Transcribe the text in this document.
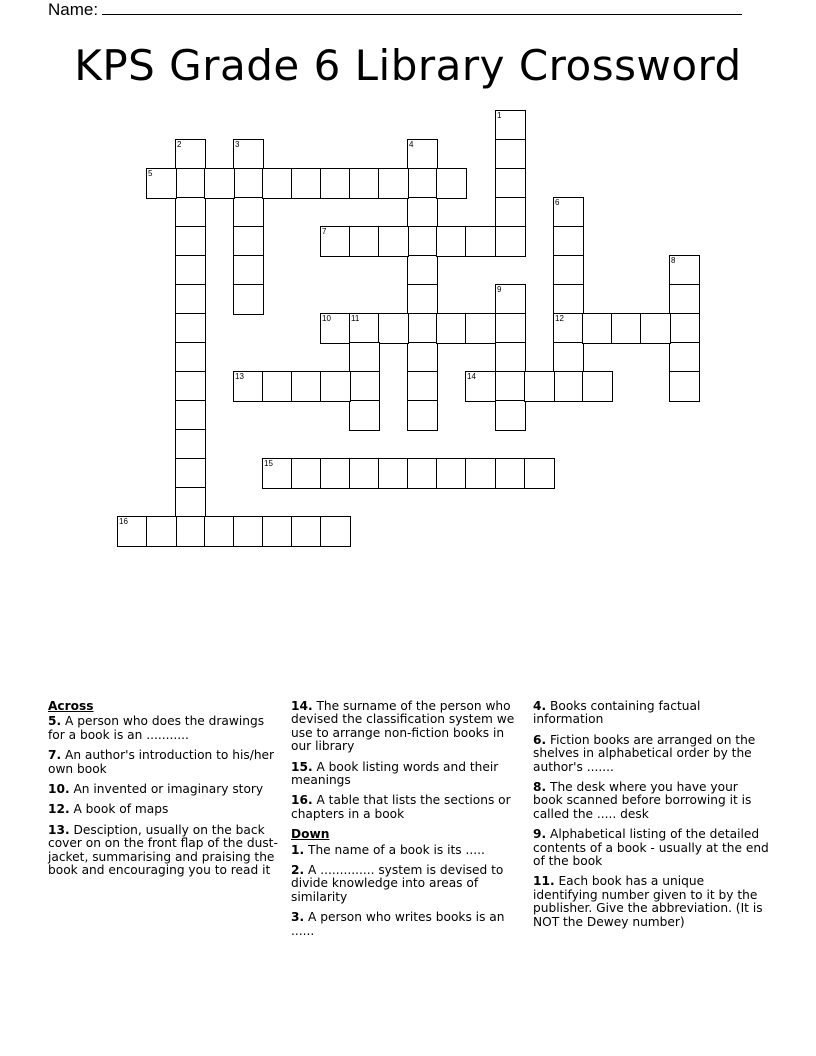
Name:
KPS Grade 6 Library Crossword
1
2	3	4
5
6
12
7
8
9
10	11
13	14
15
16
Across
5. A person who does the drawings for a book is an ...........
7. An author's introduction to his/her own book
10. An invented or imaginary story
12. A book of maps
13. Desciption, usually on the back cover on on the front flap of the dust-jacket, summarising and praising the book and encouraging you to read it
14. The surname of the person who devised the classification system we use to arrange non-fiction books in our library
15. A book listing words and their meanings
16. A table that lists the sections or chapters in a book
Down
1. The name of a book is its .....
2. A .............. system is devised to divide knowledge into areas of similarity
3. A person who writes books is an ......
4. Books containing factual information
6. Fiction books are arranged on the shelves in alphabetical order by the author's .......
8. The desk where you have your book scanned before borrowing it is called the ..... desk
9. Alphabetical listing of the detailed contents of a book - usually at the end of the book
11. Each book has a unique identifying number given to it by the publisher. Give the abbreviation. (It is NOT the Dewey number)
